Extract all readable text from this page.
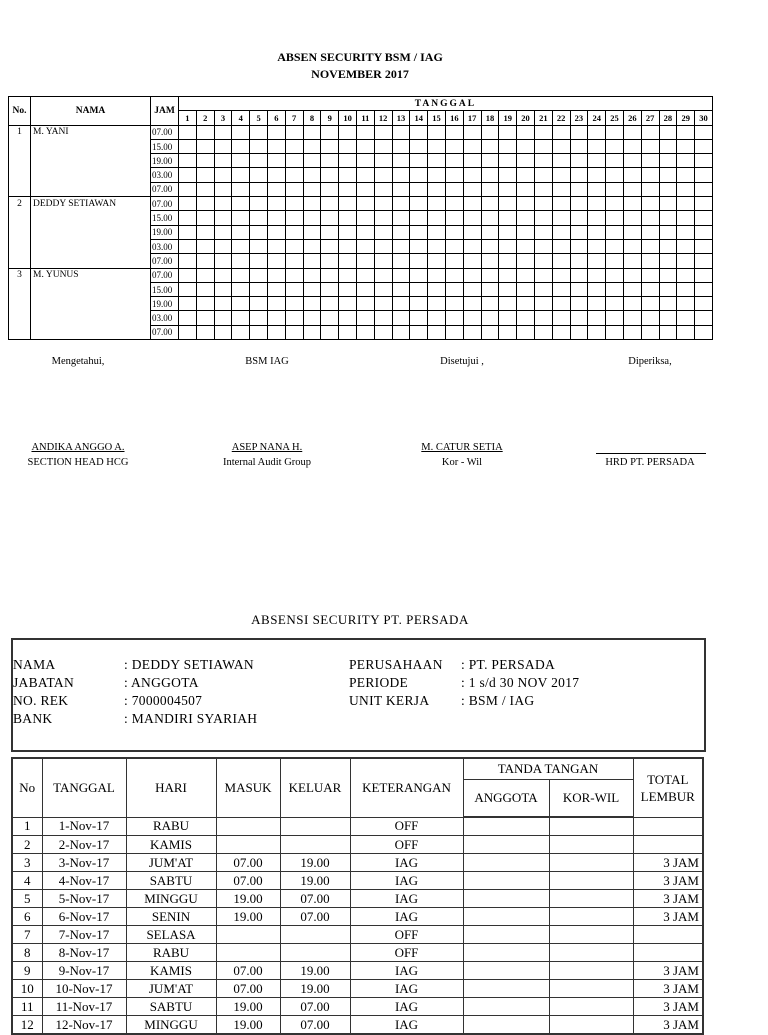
ABSEN SECURITY BSM / IAG
NOVEMBER 2017
No.	NAMA	JAM	TANGGAL																													
			1	2	3	4	5	6	7	8	9	10	11	12	13	14	15	16	17	18	19	20	21	22	23	24	25	26	27	28	29	30
1	M. YANI	07.00																														
		15.00																														
		19.00																														
		03.00																														
		07.00																														
2	DEDDY SETIAWAN	07.00																														
		15.00																														
		19.00																														
		03.00																														
		07.00																														
3	M. YUNUS	07.00																														
		15.00																														
		19.00																														
		03.00																														
		07.00																														
Mengetahui,
ANDIKA ANGGO A.
SECTION HEAD HCG
BSM IAG
ASEP NANA H.
Internal Audit Group
Disetujui ,
M. CATUR SETIA
Kor - Wil
Diperiksa,
HRD PT. PERSADA
ABSENSI SECURITY PT. PERSADA
NAMA	: DEDDY SETIAWAN
JABATAN	: ANGGOTA
NO. REK	: 7000004507
BANK	: MANDIRI SYARIAH
PERUSAHAAN : PT. PERSADA
PERIODE	: 1 s/d 30 NOV 2017
UNIT KERJA : BSM / IAG
No	TANGGAL	HARI	MASUK	KELUAR	KETERANGAN	TANDA TANGAN		TOTAL LEMBUR
						ANGGOTA	KOR-WIL	
1	1-Nov-17	RABU			OFF			
2	2-Nov-17	KAMIS			OFF			
3	3-Nov-17	JUM'AT	07.00	19.00	IAG			3 JAM
4	4-Nov-17	SABTU	07.00	19.00	IAG			3 JAM
5	5-Nov-17	MINGGU	19.00	07.00	IAG			3 JAM
6	6-Nov-17	SENIN	19.00	07.00	IAG			3 JAM
7	7-Nov-17	SELASA			OFF			
8	8-Nov-17	RABU			OFF			
9	9-Nov-17	KAMIS	07.00	19.00	IAG			3 JAM
10	10-Nov-17	JUM'AT	07.00	19.00	IAG			3 JAM
11	11-Nov-17	SABTU	19.00	07.00	IAG			3 JAM
12	12-Nov-17	MINGGU	19.00	07.00	IAG			3 JAM
